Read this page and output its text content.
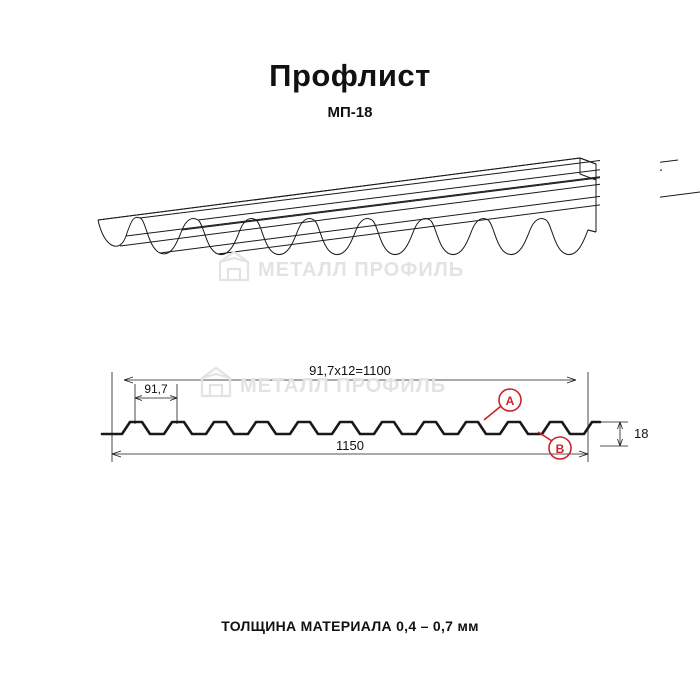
Профлист
МП-18
МЕТАЛЛ ПРОФИЛЬ
91,7х12=1100
91,7
1150
18
A
B
МЕТАЛЛ ПРОФИЛЬ
ТОЛЩИНА МАТЕРИАЛА 0,4 – 0,7 мм
